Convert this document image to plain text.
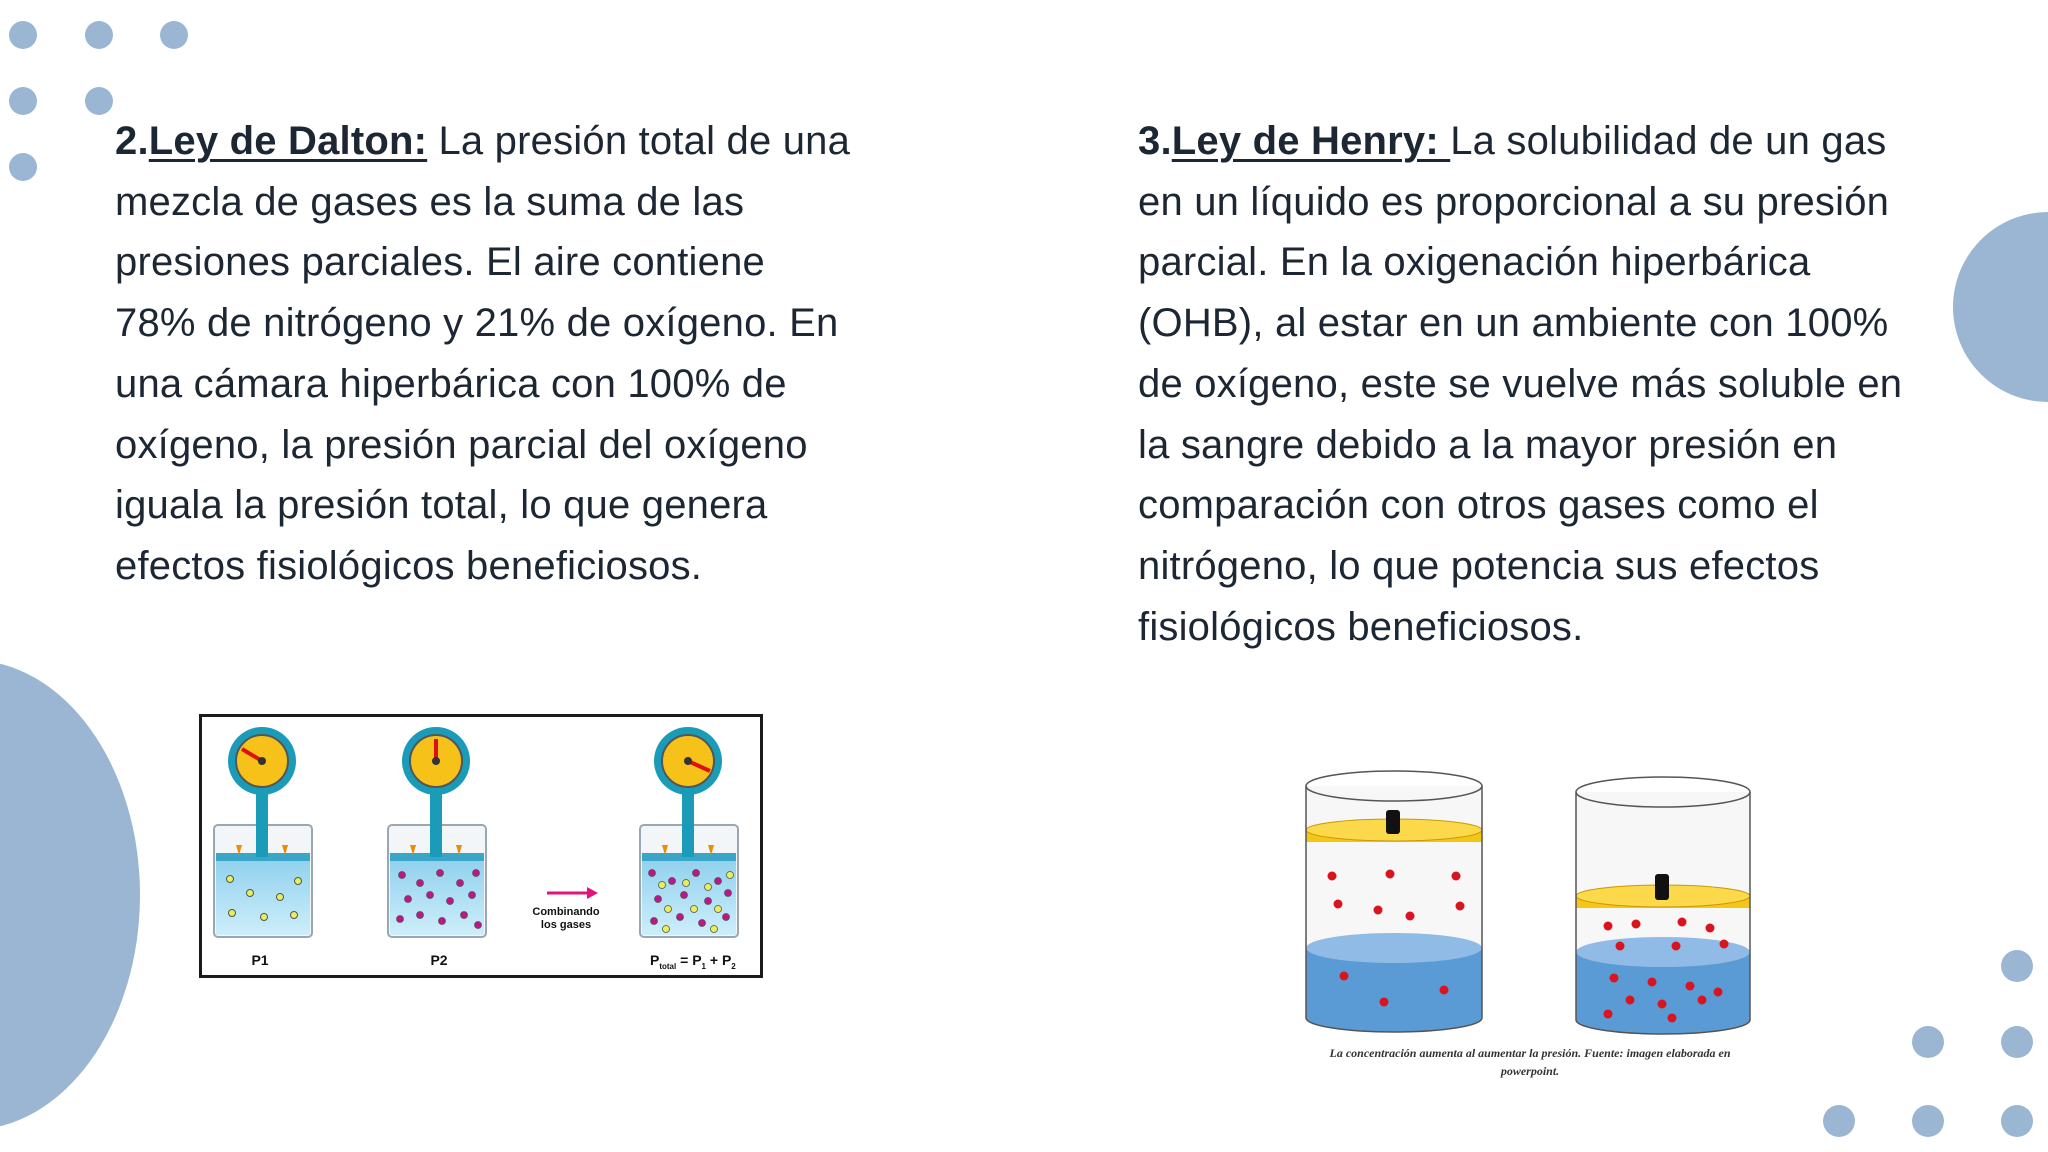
2.Ley de Dalton: La presión total de una mezcla de gases es la suma de las presiones parciales. El aire contiene 78% de nitrógeno y 21% de oxígeno. En una cámara hiperbárica con 100% de oxígeno, la presión parcial del oxígeno iguala la presión total, lo que genera efectos fisiológicos beneficiosos.
3.Ley de Henry: La solubilidad de un gas en un líquido es proporcional a su presión parcial. En la oxigenación hiperbárica (OHB), al estar en un ambiente con 100% de oxígeno, este se vuelve más soluble en la sangre debido a la mayor presión en comparación con otros gases como el nitrógeno, lo que potencia sus efectos fisiológicos beneficiosos.
P1	P2
Combinando
los gases
$P_{total} = P_1 + P_2$
La concentración aumenta al aumentar la presión. Fuente: imagen elaborada en
powerpoint.
